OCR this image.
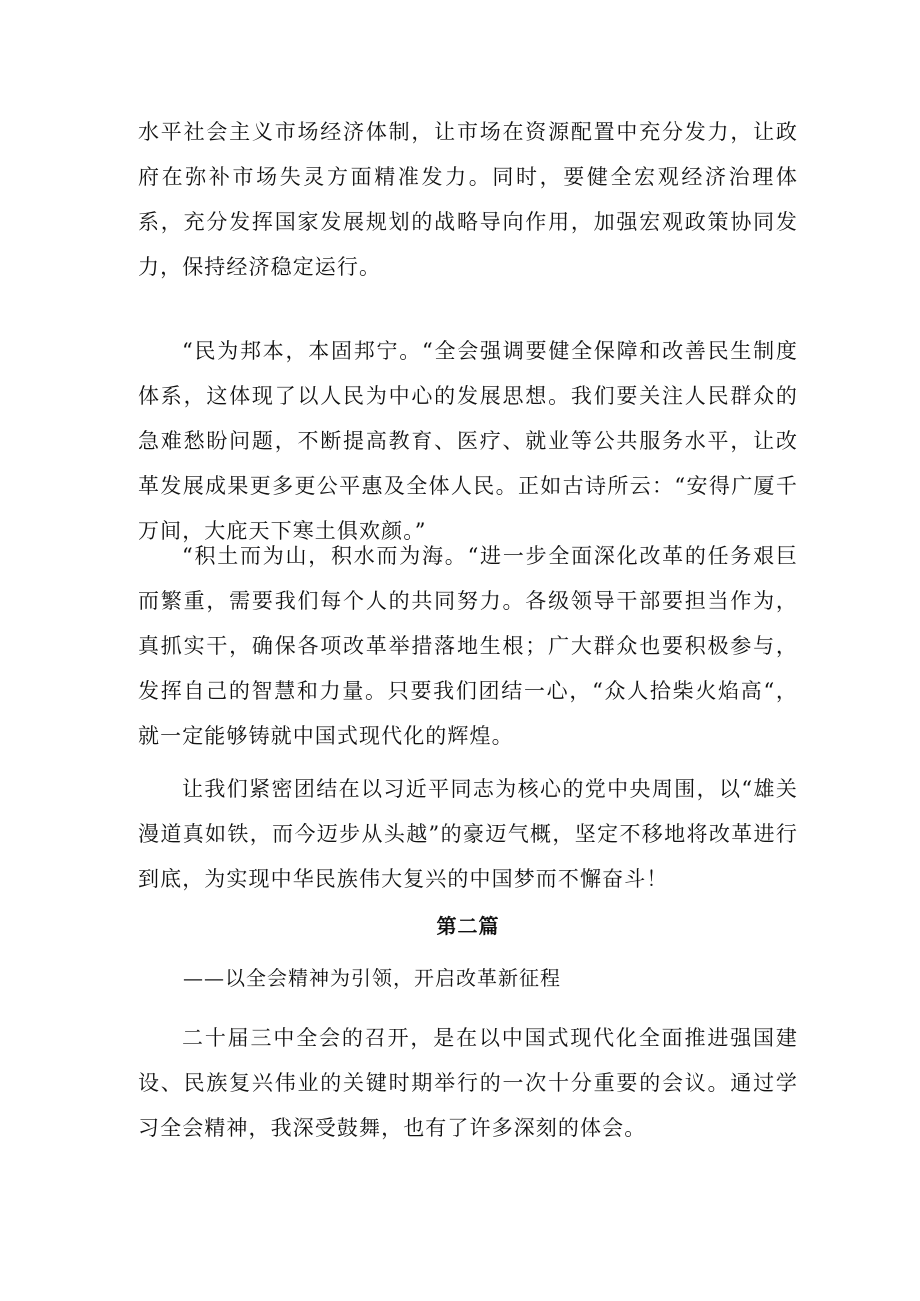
水平社会主义市场经济体制，让市场在资源配置中充分发力，让政府在弥补市场失灵方面精准发力。同时，要健全宏观经济治理体系，充分发挥国家发展规划的战略导向作用，加强宏观政策协同发力，保持经济稳定运行。

“民为邦本，本固邦宁。“全会强调要健全保障和改善民生制度体系，这体现了以人民为中心的发展思想。我们要关注人民群众的急难愁盼问题，不断提高教育、医疗、就业等公共服务水平，让改革发展成果更多更公平惠及全体人民。正如古诗所云：“安得广厦千万间，大庇天下寒土俱欢颜。”

“积土而为山，积水而为海。“进一步全面深化改革的任务艰巨而繁重，需要我们每个人的共同努力。各级领导干部要担当作为，真抓实干，确保各项改革举措落地生根；广大群众也要积极参与，发挥自己的智慧和力量。只要我们团结一心，“众人拾柴火焰高“，就一定能够铸就中国式现代化的辉煌。

让我们紧密团结在以习近平同志为核心的党中央周围，以“雄关漫道真如铁，而今迈步从头越”的豪迈气概，坚定不移地将改革进行到底，为实现中华民族伟大复兴的中国梦而不懈奋斗！

第二篇

——以全会精神为引领，开启改革新征程

二十届三中全会的召开，是在以中国式现代化全面推进强国建设、民族复兴伟业的关键时期举行的一次十分重要的会议。通过学习全会精神，我深受鼓舞，也有了许多深刻的体会。
